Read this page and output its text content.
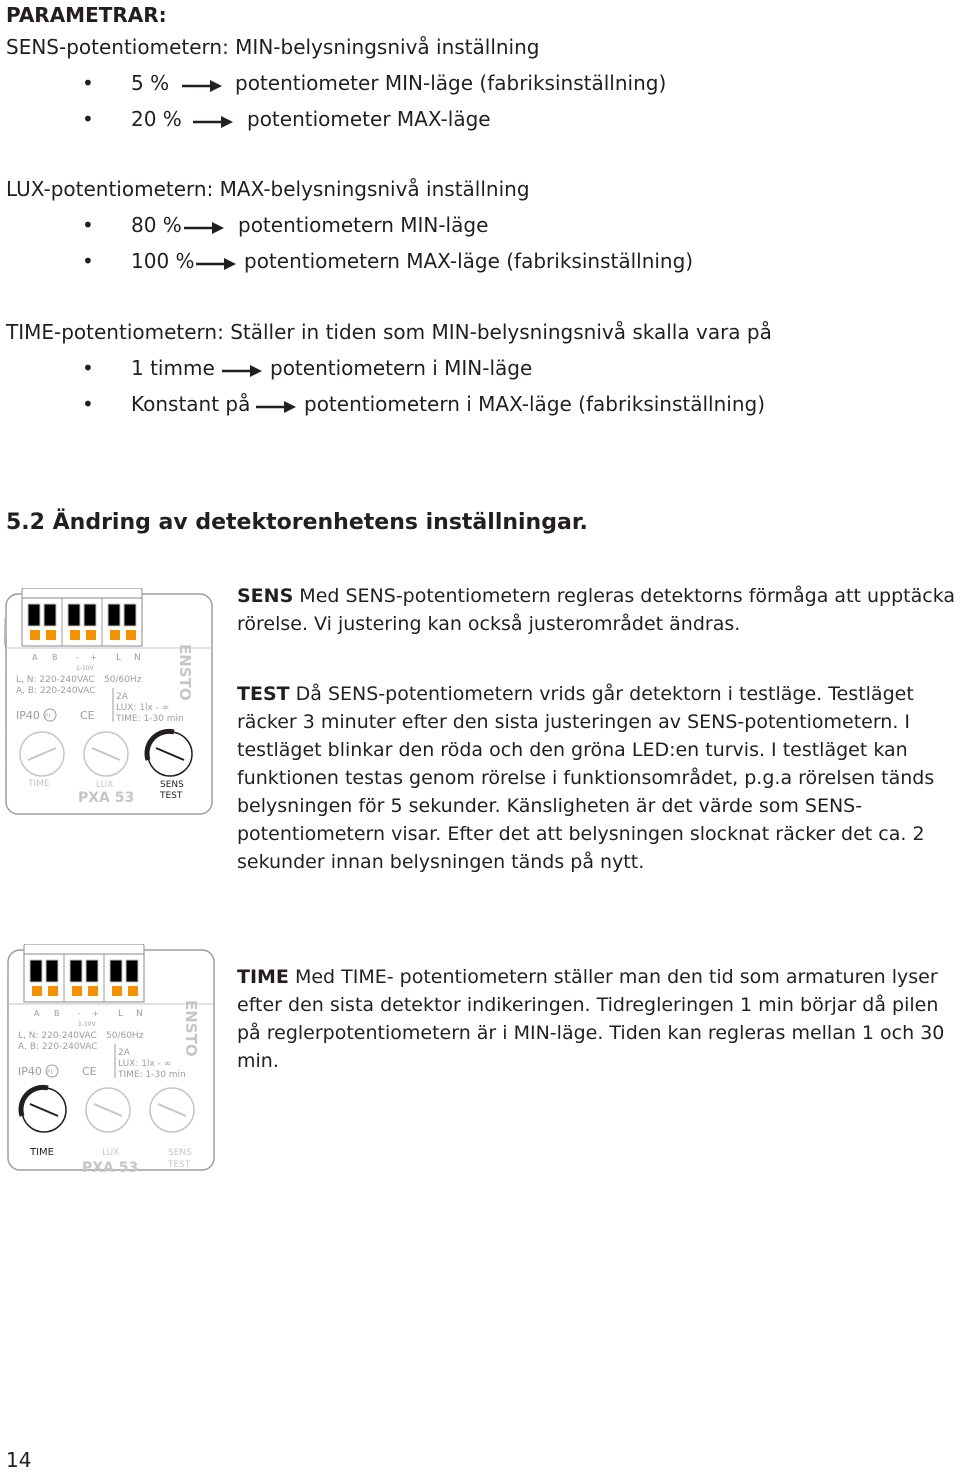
PARAMETRAR:
SENS-potentiometern: MIN-belysningsnivå inställning
• 5 %	potentiometer MIN-läge (fabriksinställning)
• 20 %	potentiometer MAX-läge
LUX-potentiometern: MAX-belysningsnivå inställning
• 80 %	potentiometern MIN-läge
• 100 % potentiometern MAX-läge (fabriksinställning)
TIME-potentiometern: Ställer in tiden som MIN-belysningsnivå skalla vara på
• 1 timme	potentiometern i MIN-läge
• Konstant på	potentiometern i MAX-läge (fabriksinställning)
5.2 Ändring av detektorenhetens inställningar.
A B - +
1-10V
L N
L, N: 220-240VAC
A, B: 220-240VAC
50/60Hz
2A
LUX: 1lx - ∞
TIME: 1-30 min
IP40 FI	CE
ENSTO
TIME	LUX
PXA 53
SENS
TEST
SENS Med SENS-potentiometern regleras detektorns förmåga att upptäcka rörelse. Vi justering kan också justerområdet ändras.
TEST Då SENS-potentiometern vrids går detektorn i testläge. Testläget räcker 3 minuter efter den sista justeringen av SENS-potentiometern. I testläget blinkar den röda och den gröna LED:en turvis. I testläget kan funktionen testas genom rörelse i funktionsområdet, p.g.a rörelsen tänds belysningen för 5 sekunder. Känsligheten är det värde som SENS-potentiometern visar. Efter det att belysningen slocknat räcker det ca. 2 sekunder innan belysningen tänds på nytt.
A B - +
1-10V
L N
L, N: 220-240VAC
A, B: 220-240VAC
50/60Hz
2A
LUX: 1lx - ∞
TIME: 1-30 min
IP40 FI	CE
ENSTO
TIME	LUX
PXA 53
SENS
TEST
TIME Med TIME- potentiometern ställer man den tid som armaturen lyser efter den sista detektor indikeringen. Tidregleringen 1 min börjar då pilen på reglerpotentiometern är i MIN-läge. Tiden kan regleras mellan 1 och 30 min.
14
